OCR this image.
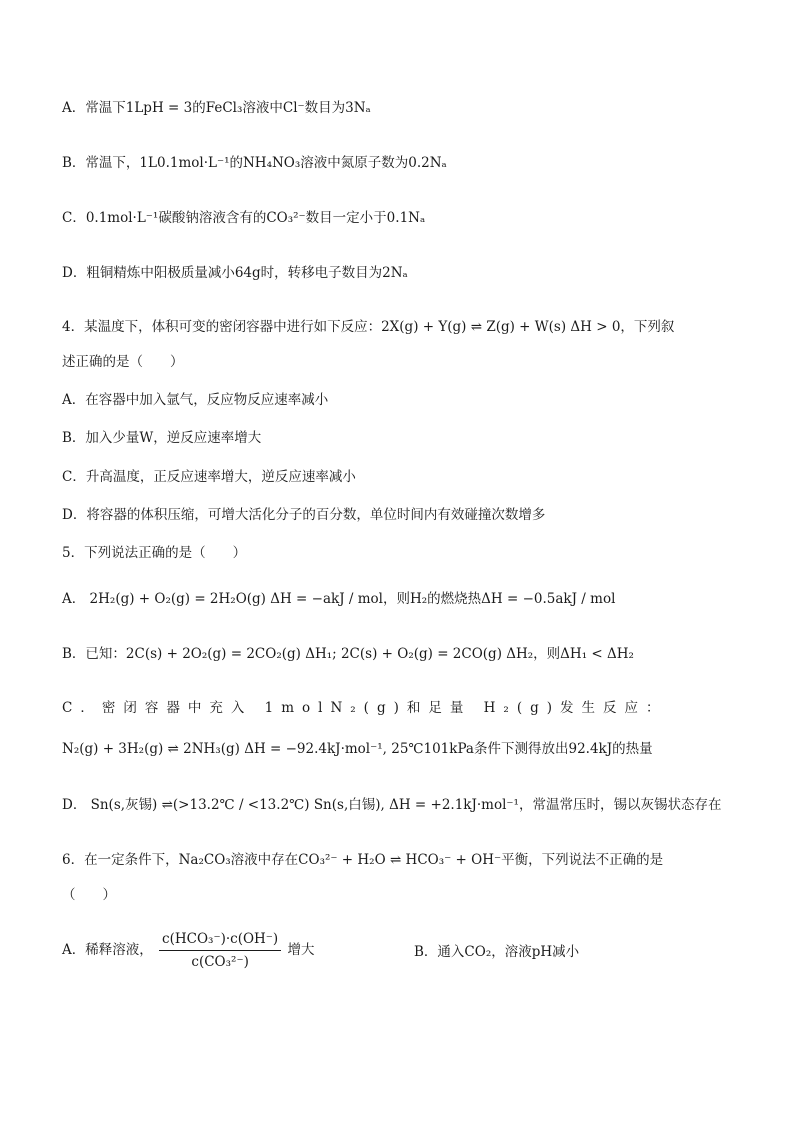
A．常温下1LpH = 3的FeCl₃溶液中Cl⁻数目为3Nₐ
B．常温下，1L0.1mol·L⁻¹的NH₄NO₃溶液中氮原子数为0.2Nₐ
C．0.1mol·L⁻¹碳酸钠溶液含有的CO₃²⁻数目一定小于0.1Nₐ
D．粗铜精炼中阳极质量减小64g时，转移电子数目为2Nₐ
4．某温度下，体积可变的密闭容器中进行如下反应：2X(g) + Y(g) ⇌ Z(g) + W(s) ΔH > 0，下列叙
述正确的是（　　）
A．在容器中加入氩气，反应物反应速率减小
B．加入少量W，逆反应速率增大
C．升高温度，正反应速率增大，逆反应速率减小
D．将容器的体积压缩，可增大活化分子的百分数，单位时间内有效碰撞次数增多
5．下列说法正确的是（　　）
A． 2H₂(g) + O₂(g) = 2H₂O(g) ΔH = −akJ / mol，则H₂的燃烧热ΔH = −0.5akJ / mol
B．已知：2C(s) + 2O₂(g) = 2CO₂(g) ΔH₁; 2C(s) + O₂(g) = 2CO(g) ΔH₂，则ΔH₁ < ΔH₂
C．密闭容器中充入 1molN₂(g)和足量 H₂(g)发生反应：
N₂(g) + 3H₂(g) ⇌ 2NH₃(g) ΔH = −92.4kJ·mol⁻¹, 25℃101kPa条件下测得放出92.4kJ的热量
D． Sn(s,灰锡) ⇌(>13.2℃ / <13.2℃) Sn(s,白锡), ΔH = +2.1kJ·mol⁻¹，常温常压时，锡以灰锡状态存在
6．在一定条件下，Na₂CO₃溶液中存在CO₃²⁻ + H₂O ⇌ HCO₃⁻ + OH⁻平衡，下列说法不正确的是
（　　）
A．稀释溶液， $\frac{\text{c(HCO₃⁻)·c(OH⁻)}}{\text{c(CO₃²⁻)}}$ 增大	B．通入CO₂，溶液pH减小
